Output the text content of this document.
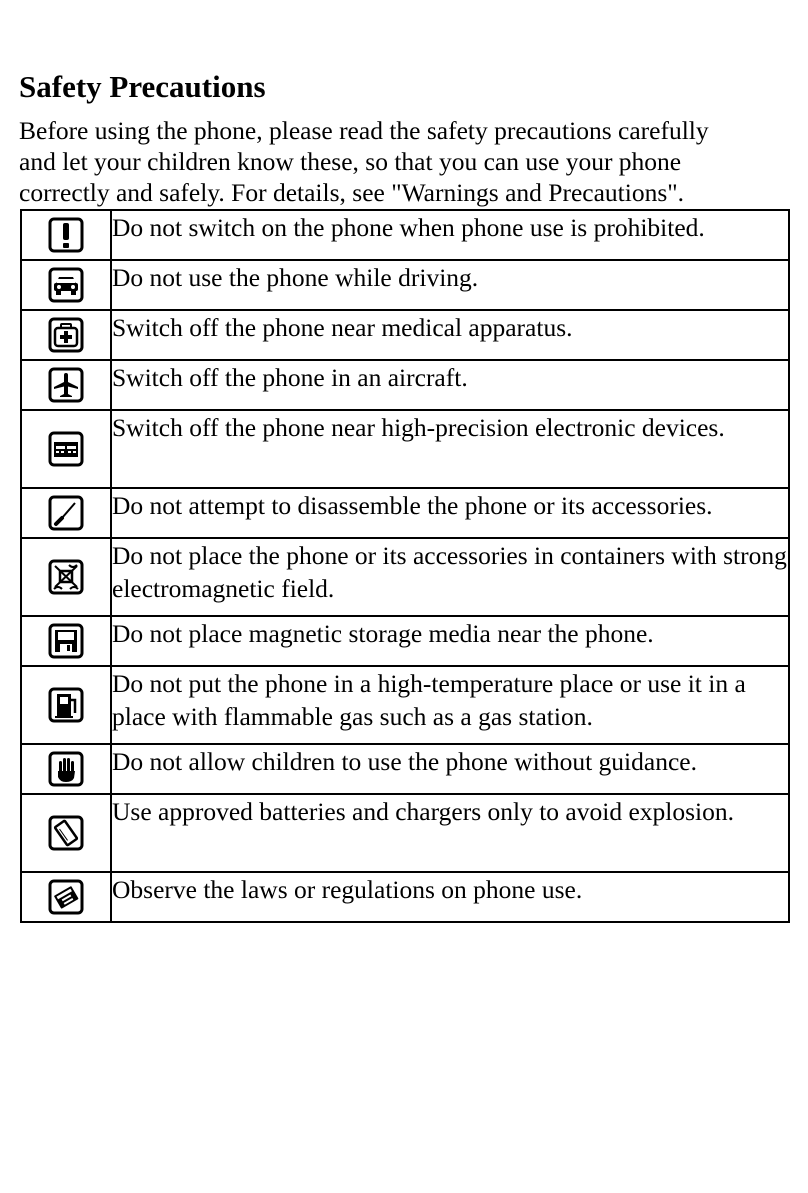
Safety Precautions

Before using the phone, please read the safety precautions carefully
and let your children know these, so that you can use your phone
correctly and safely. For details, see "Warnings and Precautions".

	Do not switch on the phone when phone use is prohibited.

	Do not use the phone while driving.

	Switch off the phone near medical apparatus.

	Switch off the phone in an aircraft.

	Switch off the phone near high-precision electronic devices.

	Do not attempt to disassemble the phone or its accessories.

	Do not place the phone or its accessories in containers with strong electromagnetic field.

	Do not place magnetic storage media near the phone.

	Do not put the phone in a high-temperature place or use it in a place with flammable gas such as a gas station.

	Do not allow children to use the phone without guidance.

	Use approved batteries and chargers only to avoid explosion.

	Observe the laws or regulations on phone use.
